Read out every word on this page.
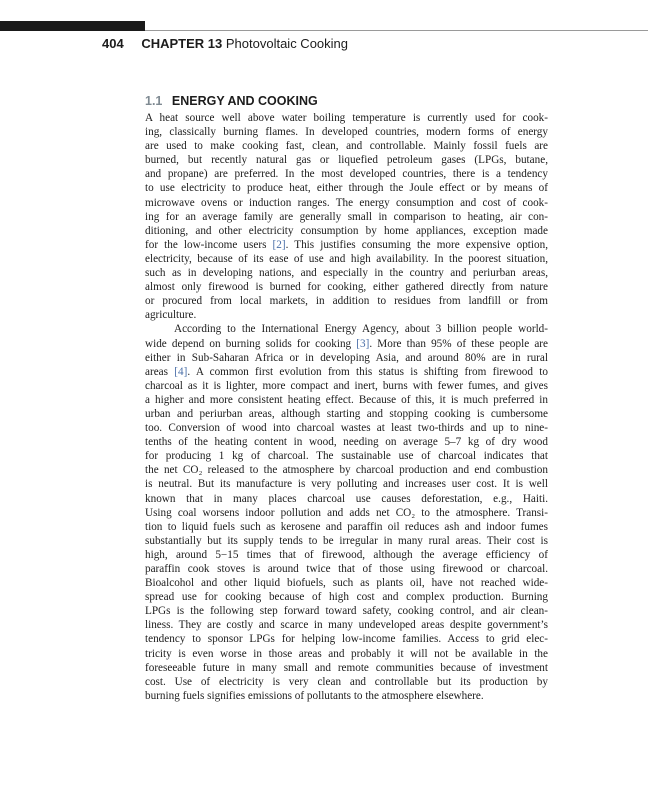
404 CHAPTER 13 Photovoltaic Cooking
1.1 ENERGY AND COOKING
A heat source well above water boiling temperature is currently used for cook-
ing, classically burning flames. In developed countries, modern forms of energy
are used to make cooking fast, clean, and controllable. Mainly fossil fuels are
burned, but recently natural gas or liquefied petroleum gases (LPGs, butane,
and propane) are preferred. In the most developed countries, there is a tendency
to use electricity to produce heat, either through the Joule effect or by means of
microwave ovens or induction ranges. The energy consumption and cost of cook-
ing for an average family are generally small in comparison to heating, air con-
ditioning, and other electricity consumption by home appliances, exception made
for the low-income users [2]. This justifies consuming the more expensive option,
electricity, because of its ease of use and high availability. In the poorest situation,
such as in developing nations, and especially in the country and periurban areas,
almost only firewood is burned for cooking, either gathered directly from nature
or procured from local markets, in addition to residues from landfill or from
agriculture.
According to the International Energy Agency, about 3 billion people world-
wide depend on burning solids for cooking [3]. More than 95% of these people are
either in Sub-Saharan Africa or in developing Asia, and around 80% are in rural
areas [4]. A common first evolution from this status is shifting from firewood to
charcoal as it is lighter, more compact and inert, burns with fewer fumes, and gives
a higher and more consistent heating effect. Because of this, it is much preferred in
urban and periurban areas, although starting and stopping cooking is cumbersome
too. Conversion of wood into charcoal wastes at least two-thirds and up to nine-
tenths of the heating content in wood, needing on average 5–7 kg of dry wood
for producing 1 kg of charcoal. The sustainable use of charcoal indicates that
the net CO₂ released to the atmosphere by charcoal production and end combustion
is neutral. But its manufacture is very polluting and increases user cost. It is well
known that in many places charcoal use causes deforestation, e.g., Haiti.
Using coal worsens indoor pollution and adds net CO₂ to the atmosphere. Transi-
tion to liquid fuels such as kerosene and paraffin oil reduces ash and indoor fumes
substantially but its supply tends to be irregular in many rural areas. Their cost is
high, around 5−15 times that of firewood, although the average efficiency of
paraffin cook stoves is around twice that of those using firewood or charcoal.
Bioalcohol and other liquid biofuels, such as plants oil, have not reached wide-
spread use for cooking because of high cost and complex production. Burning
LPGs is the following step forward toward safety, cooking control, and air clean-
liness. They are costly and scarce in many undeveloped areas despite government’s
tendency to sponsor LPGs for helping low-income families. Access to grid elec-
tricity is even worse in those areas and probably it will not be available in the
foreseeable future in many small and remote communities because of investment
cost. Use of electricity is very clean and controllable but its production by
burning fuels signifies emissions of pollutants to the atmosphere elsewhere.
